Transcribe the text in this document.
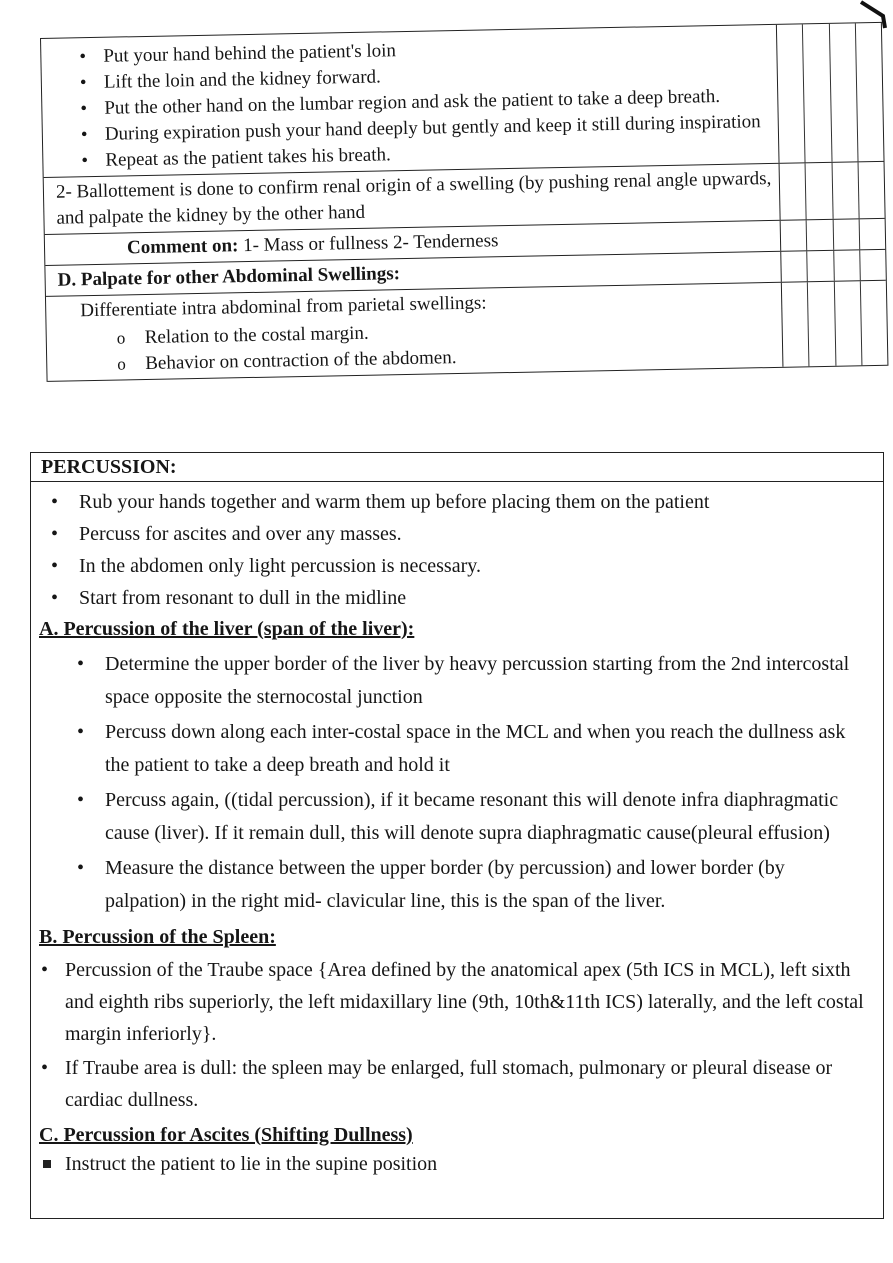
• Put your hand behind the patient's loin
• Lift the loin and the kidney forward.
• Put the other hand on the lumbar region and ask the patient to take a deep breath.
• During expiration push your hand deeply but gently and keep it still during inspiration
• Repeat as the patient takes his breath.
2- Ballottement is done to confirm renal origin of a swelling (by pushing renal angle upwards, and palpate the kidney by the other hand
Comment on: 1- Mass or fullness 2- Tenderness
D. Palpate for other Abdominal Swellings:
Differentiate intra abdominal from parietal swellings:
o Relation to the costal margin.
o Behavior on contraction of the abdomen.
PERCUSSION:
• Rub your hands together and warm them up before placing them on the patient
• Percuss for ascites and over any masses.
• In the abdomen only light percussion is necessary.
• Start from resonant to dull in the midline
A. Percussion of the liver (span of the liver):
• Determine the upper border of the liver by heavy percussion starting from the 2nd intercostal space opposite the sternocostal junction
• Percuss down along each inter-costal space in the MCL and when you reach the dullness ask the patient to take a deep breath and hold it
• Percuss again, ((tidal percussion), if it became resonant this will denote infra diaphragmatic cause (liver). If it remain dull, this will denote supra diaphragmatic cause(pleural effusion)
• Measure the distance between the upper border (by percussion) and lower border (by palpation) in the right mid- clavicular line, this is the span of the liver.
B. Percussion of the Spleen:
• Percussion of the Traube space {Area defined by the anatomical apex (5th ICS in MCL), left sixth and eighth ribs superiorly, the left midaxillary line (9th, 10th&11th ICS) laterally, and the left costal margin inferiorly}.
• If Traube area is dull: the spleen may be enlarged, full stomach, pulmonary or pleural disease or cardiac dullness.
C. Percussion for Ascites (Shifting Dullness)
Instruct the patient to lie in the supine position
